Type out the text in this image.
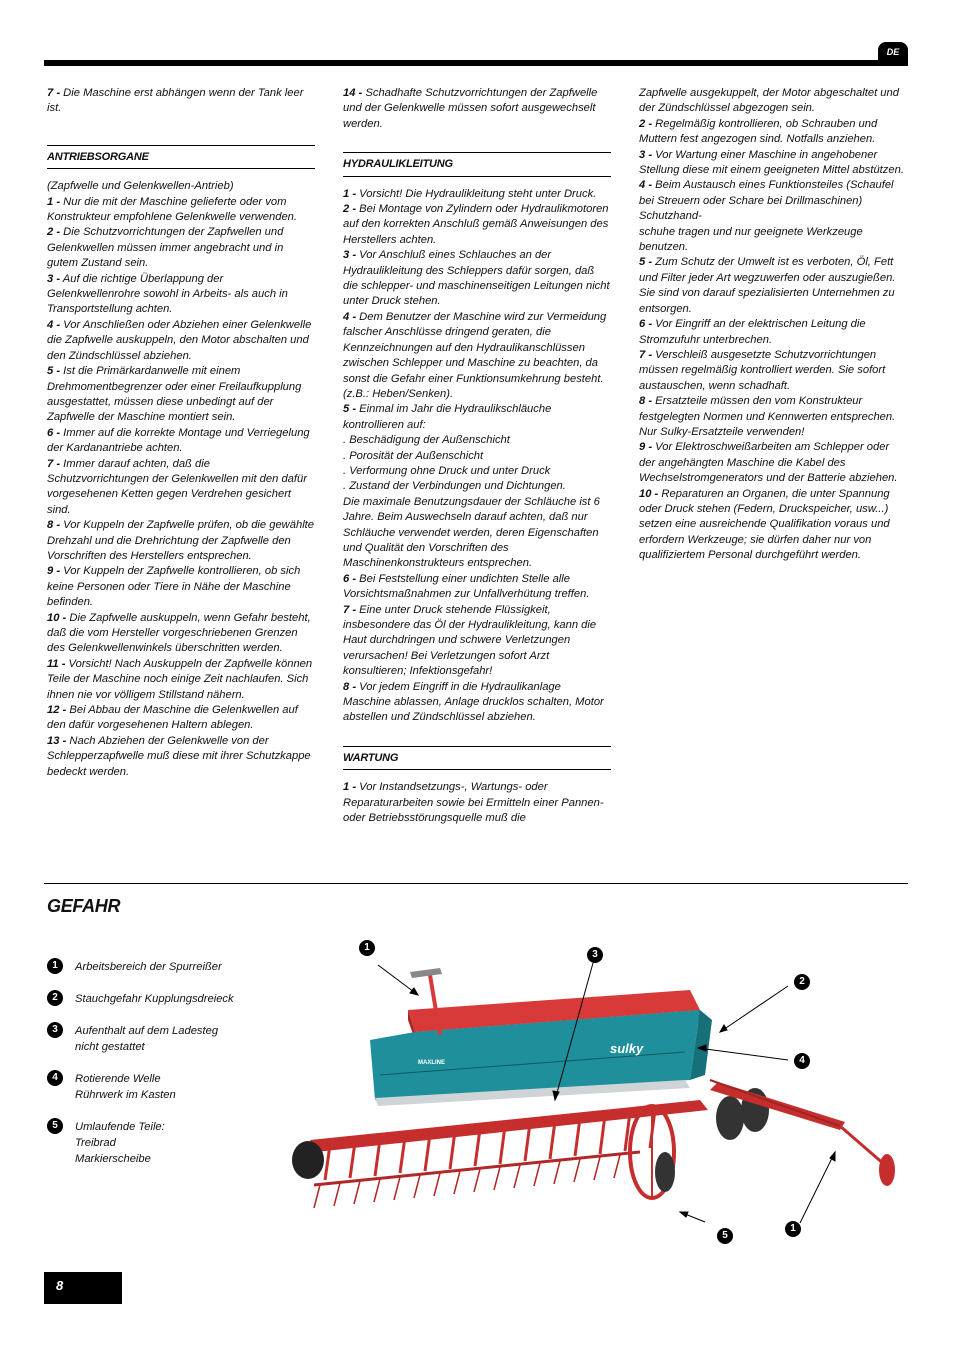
DE

7 - Die Maschine erst abhängen wenn der Tank leer ist.

ANTRIEBSORGANE

(Zapfwelle und Gelenkwellen-Antrieb)

1 - Nur die mit der Maschine gelieferte oder vom Konstrukteur empfohlene Gelenkwelle verwenden.

2 - Die Schutzvorrichtungen der Zapfwellen und Gelenkwellen müssen immer angebracht und in gutem Zustand sein.

3 - Auf die richtige Überlappung der Gelenkwellenrohre sowohl in Arbeits- als auch in Transportstellung achten.

4 - Vor Anschließen oder Abziehen einer Gelenkwelle die Zapfwelle auskuppeln, den Motor abschalten und den Zündschlüssel abziehen.

5 - Ist die Primärkardanwelle mit einem Drehmomentbegrenzer oder einer Freilaufkupplung ausgestattet, müssen diese unbedingt auf der Zapfwelle der Maschine montiert sein.

6 - Immer auf die korrekte Montage und Verriegelung der Kardanantriebe achten.

7 - Immer darauf achten, daß die Schutzvorrichtungen der Gelenkwellen mit den dafür vorgesehenen Ketten gegen Verdrehen gesichert sind.

8 - Vor Kuppeln der Zapfwelle prüfen, ob die gewählte Drehzahl und die Drehrichtung der Zapfwelle den Vorschriften des Herstellers entsprechen.

9 - Vor Kuppeln der Zapfwelle kontrollieren, ob sich keine Personen oder Tiere in Nähe der Maschine befinden.

10 - Die Zapfwelle auskuppeln, wenn Gefahr besteht, daß die vom Hersteller vorgeschriebenen Grenzen des Gelenkwellenwinkels überschritten werden.

11 - Vorsicht! Nach Auskuppeln der Zapfwelle können Teile der Maschine noch einige Zeit nachlaufen. Sich ihnen nie vor völligem Stillstand nähern.

12 - Bei Abbau der Maschine die Gelenkwellen auf den dafür vorgesehenen Haltern ablegen.

13 - Nach Abziehen der Gelenkwelle von der Schlepperzapfwelle muß diese mit ihrer Schutzkappe bedeckt werden.

14 - Schadhafte Schutzvorrichtungen der Zapfwelle und der Gelenkwelle müssen sofort ausgewechselt werden.

HYDRAULIKLEITUNG

1 - Vorsicht! Die Hydraulikleitung steht unter Druck.

2 - Bei Montage von Zylindern oder Hydraulikmotoren auf den korrekten Anschluß gemäß Anweisungen des Herstellers achten.

3 - Vor Anschluß eines Schlauches an der Hydraulikleitung des Schleppers dafür sorgen, daß die schlepper- und maschinenseitigen Leitungen nicht unter Druck stehen.

4 - Dem Benutzer der Maschine wird zur Vermeidung falscher Anschlüsse dringend geraten, die Kennzeichnungen auf den Hydraulikanschlüssen zwischen Schlepper und Maschine zu beachten, da sonst die Gefahr einer Funktionsumkehrung besteht. (z.B.: Heben/Senken).

5 - Einmal im Jahr die Hydraulikschläuche kontrollieren auf:

. Beschädigung der Außenschicht

. Porosität der Außenschicht

. Verformung ohne Druck und unter Druck

. Zustand der Verbindungen und Dichtungen.

Die maximale Benutzungsdauer der Schläuche ist 6 Jahre. Beim Auswechseln darauf achten, daß nur Schläuche verwendet werden, deren Eigenschaften und Qualität den Vorschriften des Maschinenkonstrukteurs entsprechen.

6 - Bei Feststellung einer undichten Stelle alle Vorsichtsmaßnahmen zur Unfallverhütung treffen.

7 - Eine unter Druck stehende Flüssigkeit, insbesondere das Öl der Hydraulikleitung, kann die Haut durchdringen und schwere Verletzungen verursachen! Bei Verletzungen sofort Arzt konsultieren; Infektionsgefahr!

8 - Vor jedem Eingriff in die Hydraulikanlage Maschine ablassen, Anlage drucklos schalten, Motor abstellen und Zündschlüssel abziehen.

WARTUNG

1 - Vor Instandsetzungs-, Wartungs- oder Reparaturarbeiten sowie bei Ermitteln einer Pannen- oder Betriebsstörungsquelle muß die

Zapfwelle ausgekuppelt, der Motor abgeschaltet und der Zündschlüssel abgezogen sein.

2 - Regelmäßig kontrollieren, ob Schrauben und Muttern fest angezogen sind. Notfalls anziehen.

3 - Vor Wartung einer Maschine in angehobener Stellung diese mit einem geeigneten Mittel abstützen.

4 - Beim Austausch eines Funktionsteiles (Schaufel bei Streuern oder Schare bei Drillmaschinen) Schutzhand-

schuhe tragen und nur geeignete Werkzeuge benutzen.

5 - Zum Schutz der Umwelt ist es verboten, Öl, Fett und Filter jeder Art wegzuwerfen oder auszugießen. Sie sind von darauf spezialisierten Unternehmen zu entsorgen.

6 - Vor Eingriff an der elektrischen Leitung die Stromzufuhr unterbrechen.

7 - Verschleiß ausgesetzte Schutzvorrichtungen müssen regelmäßig kontrolliert werden. Sie sofort austauschen, wenn schadhaft.

8 - Ersatzteile müssen den vom Konstrukteur festgelegten Normen und Kennwerten entsprechen. Nur Sulky-Ersatzteile verwenden!

9 - Vor Elektroschweißarbeiten am Schlepper oder der angehängten Maschine die Kabel des Wechselstromgenerators und der Batterie abziehen.

10 - Reparaturen an Organen, die unter Spannung oder Druck stehen (Federn, Druckspeicher, usw...) setzen eine ausreichende Qualifikation voraus und erfordern Werkzeuge; sie dürfen daher nur von qualifiziertem Personal durchgeführt werden.

GEFAHR
1	Arbeitsbereich der Spurreißer
2	Stauchgefahr Kupplungsdreieck
3	Aufenthalt auf dem Ladesteg
nicht gestattet
4	Rotierende Welle
Rührwerk im Kasten
5	Umlaufende Teile:
Treibrad
Markierscheibe
sulky
MAXLINE
1
3
2
4
1
5
8
